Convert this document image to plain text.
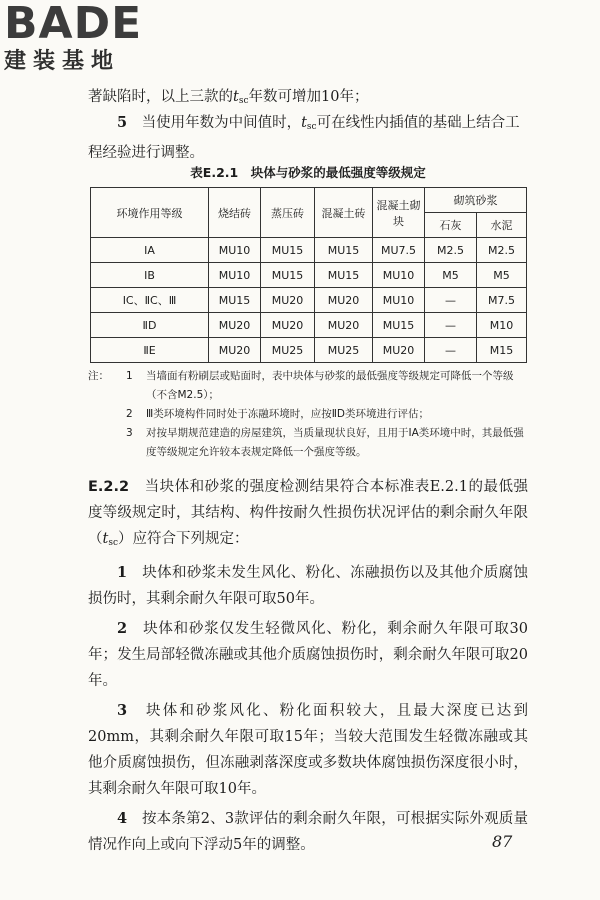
BADE
建装基地

著缺陷时，以上三款的$t_{sc}$年数可增加10年；

5　 当使用年数为中间值时，$t_{sc}$可在线性内插值的基础上结合工程经验进行调整。

表E.2.1　块体与砂浆的最低强度等级规定
环境作用等级	烧结砖	蒸压砖	混凝土砖	混凝土砌块	砌筑砂浆	
					石灰	水泥
ⅠA	MU10	MU15	MU15	MU7.5	M2.5	M2.5
ⅠB	MU10	MU15	MU15	MU10	M5	M5
ⅠC、ⅡC、Ⅲ	MU15	MU20	MU20	MU10	—	M7.5
ⅡD	MU20	MU20	MU20	MU15	—	M10
ⅡE	MU20	MU25	MU25	MU20	—	M15
注：	1	当墙面有粉刷层或贴面时，表中块体与砂浆的最低强度等级规定可降低一个等级（不含M2.5）；
2	Ⅲ类环境构件同时处于冻融环境时，应按ⅡD类环境进行评估；
3	对按早期规范建造的房屋建筑，当质量现状良好，且用于ⅠA类环境中时，其最低强度等级规定允许较本表规定降低一个强度等级。

E.2.2　 当块体和砂浆的强度检测结果符合本标准表E.2.1的最低强度等级规定时，其结构、构件按耐久性损伤状况评估的剩余耐久年限$(t_{sc})$应符合下列规定：

1　 块体和砂浆未发生风化、粉化、冻融损伤以及其他介质腐蚀损伤时，其剩余耐久年限可取50年。

2　 块体和砂浆仅发生轻微风化、粉化，剩余耐久年限可取30年；发生局部轻微冻融或其他介质腐蚀损伤时，剩余耐久年限可取20年。

3　 块体和砂浆风化、粉化面积较大，且最大深度已达到20mm，其剩余耐久年限可取15年；当较大范围发生轻微冻融或其他介质腐蚀损伤，但冻融剥落深度或多数块体腐蚀损伤深度很小时，其剩余耐久年限可取10年。

4　 按本条第2、3款评估的剩余耐久年限，可根据实际外观质量情况作向上或向下浮动5年的调整。	87
